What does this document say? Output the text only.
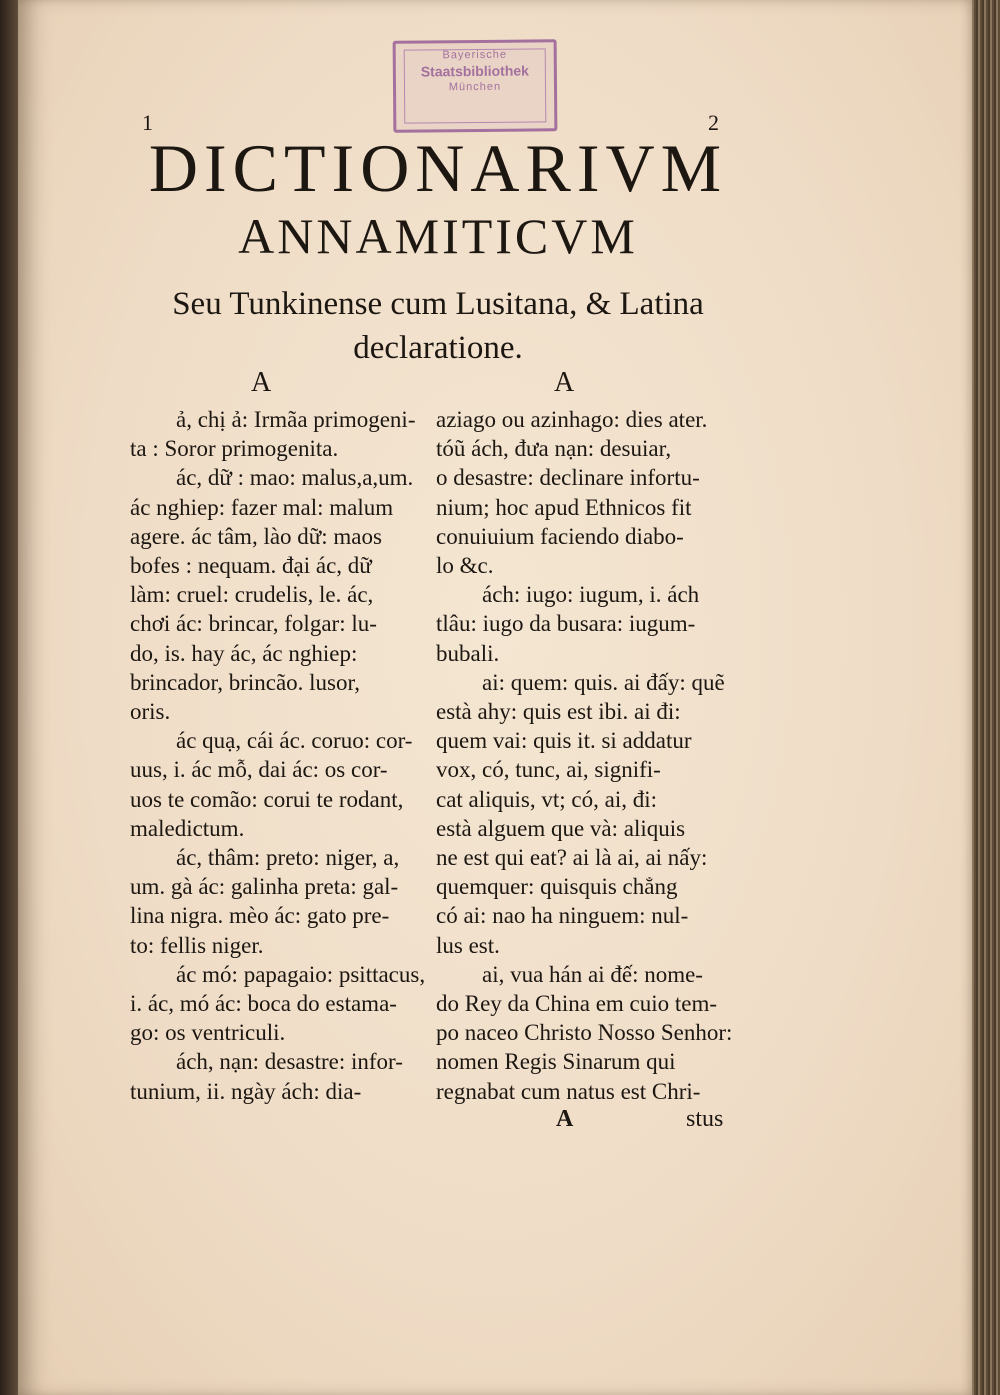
Bayerische
Staatsbibliothek
München
1	2
DICTIONARIVM
ANNAMITICVM
Seu Tunkinense cum Lusitana, & Latina
declaratione.
A	A

  ả, chị ả: Irmãa primogeni-

ta : Soror primogenita.

  ác, dữ : mao: malus,a,um.

ác nghiep: fazer mal: malum

agere. ác tâm, lào dữ: maos

bofes : nequam. đại ác, dữ

làm: cruel: crudelis, le. ác,

chơi ác: brincar, folgar: lu-

do, is. hay ác, ác nghiep:

brincador, brincão. lusor,

oris.

  ác quạ, cái ác. coruo: cor-

uus, i. ác mỗ, dai ác: os cor-

uos te comão: corui te rodant,

maledictum.

  ác, thâm: preto: niger, a,

um. gà ác: galinha preta: gal-

lina nigra. mèo ác: gato pre-

to: fellis niger.

  ác mó: papagaio: psittacus,

i. ác, mó ác: boca do estama-

go: os ventriculi.

  ách, nạn: desastre: infor-

tunium, ii. ngày ách: dia-

aziago ou azinhago: dies ater.

tóũ ách, đưa nạn: desuiar,

o desastre: declinare infortu-

nium; hoc apud Ethnicos fit

conuiuium faciendo diabo-

lo &c.

  ách: iugo: iugum, i. ách

tlâu: iugo da busara: iugum-

bubali.

  ai: quem: quis. ai đấy: quẽ

està ahy: quis est ibi. ai đi:

quem vai: quis it. si addatur

vox, có, tunc, ai, signifi-

cat aliquis, vt; có, ai, đi:

està alguem que và: aliquis

ne est qui eat? ai là ai, ai nấy:

quemquer: quisquis chẳng

có ai: nao ha ninguem: nul-

lus est.

  ai, vua hán ai đế: nome-

do Rey da China em cuio tem-

po naceo Christo Nosso Senhor:

nomen Regis Sinarum qui

regnabat cum natus est Chri-

A	stus
